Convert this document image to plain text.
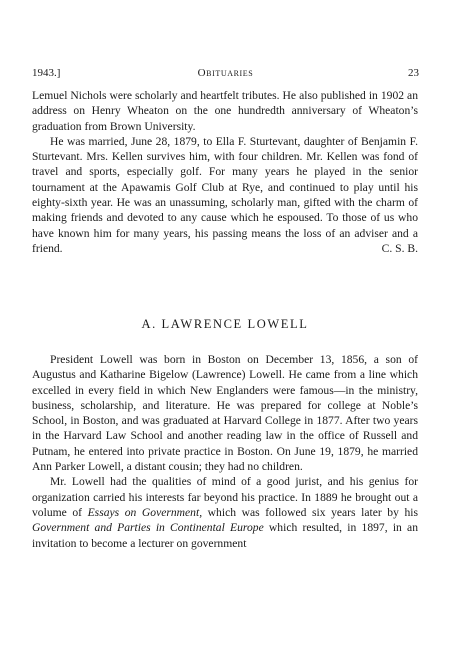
1943.]	Obituaries	23

Lemuel Nichols were scholarly and heartfelt tributes. He also published in 1902 an address on Henry Wheaton on the one hundredth anniversary of Wheaton’s graduation from Brown University.

He was married, June 28, 1879, to Ella F. Sturtevant, daughter of Benjamin F. Sturtevant. Mrs. Kellen survives him, with four children. Mr. Kellen was fond of travel and sports, especially golf. For many years he played in the senior tournament at the Apawamis Golf Club at Rye, and continued to play until his eighty-sixth year. He was an unassuming, scholarly man, gifted with the charm of making friends and devoted to any cause which he espoused. To those of us who have known him for many years, his passing means the loss of an adviser and a friend.	C. S. B.

A. LAWRENCE LOWELL

President Lowell was born in Boston on December 13, 1856, a son of Augustus and Katharine Bigelow (Lawrence) Lowell. He came from a line which excelled in every field in which New Englanders were famous—in the ministry, business, scholarship, and literature. He was prepared for college at Noble’s School, in Boston, and was graduated at Harvard College in 1877. After two years in the Harvard Law School and another reading law in the office of Russell and Putnam, he entered into private practice in Boston. On June 19, 1879, he married Ann Parker Lowell, a distant cousin; they had no children.

Mr. Lowell had the qualities of mind of a good jurist, and his genius for organization carried his interests far beyond his practice. In 1889 he brought out a volume of Essays on Government, which was followed six years later by his Government and Parties in Continental Europe which resulted, in 1897, in an invitation to become a lecturer on government
